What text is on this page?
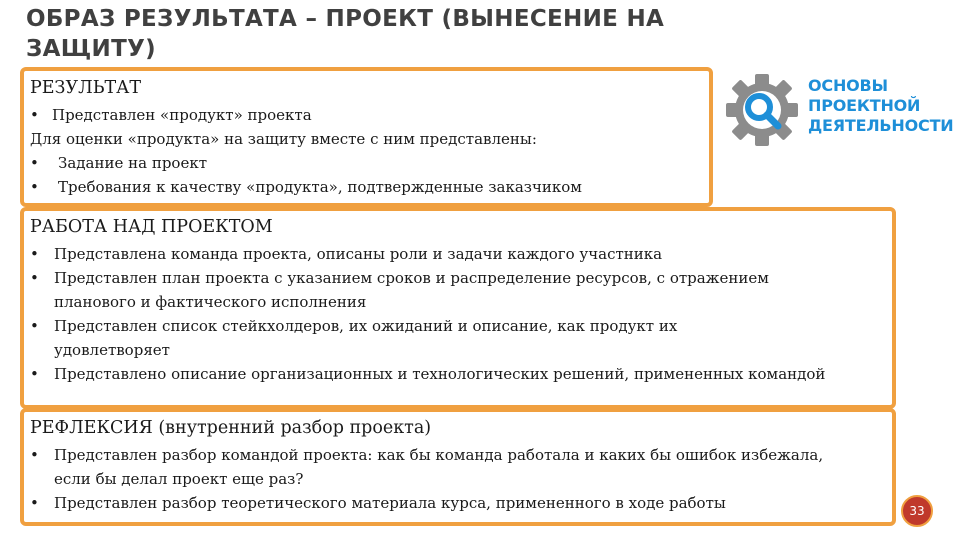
ОБРАЗ РЕЗУЛЬТАТА – ПРОЕКТ (ВЫНЕСЕНИЕ НА ЗАЩИТУ)
ОСНОВЫ
ПРОЕКТНОЙ
ДЕЯТЕЛЬНОСТИ
РЕЗУЛЬТАТ
• Представлен «продукт» проекта
Для оценки «продукта» на защиту вместе с ним представлены:
• Задание на проект
• Требования к качеству «продукта», подтвержденные заказчиком
РАБОТА НАД ПРОЕКТОМ
• Представлена команда проекта, описаны роли и задачи каждого участника
• Представлен план проекта с указанием сроков и распределение ресурсов, с отражением планового и фактического исполнения
• Представлен список стейкхолдеров, их ожиданий и описание, как продукт их удовлетворяет
• Представлено описание организационных и технологических решений, примененных командой
РЕФЛЕКСИЯ (внутренний разбор проекта)
• Представлен разбор командой проекта: как бы команда работала и каких бы ошибок избежала, если бы делал проект еще раз?
• Представлен разбор теоретического материала курса, примененного в ходе работы	33
